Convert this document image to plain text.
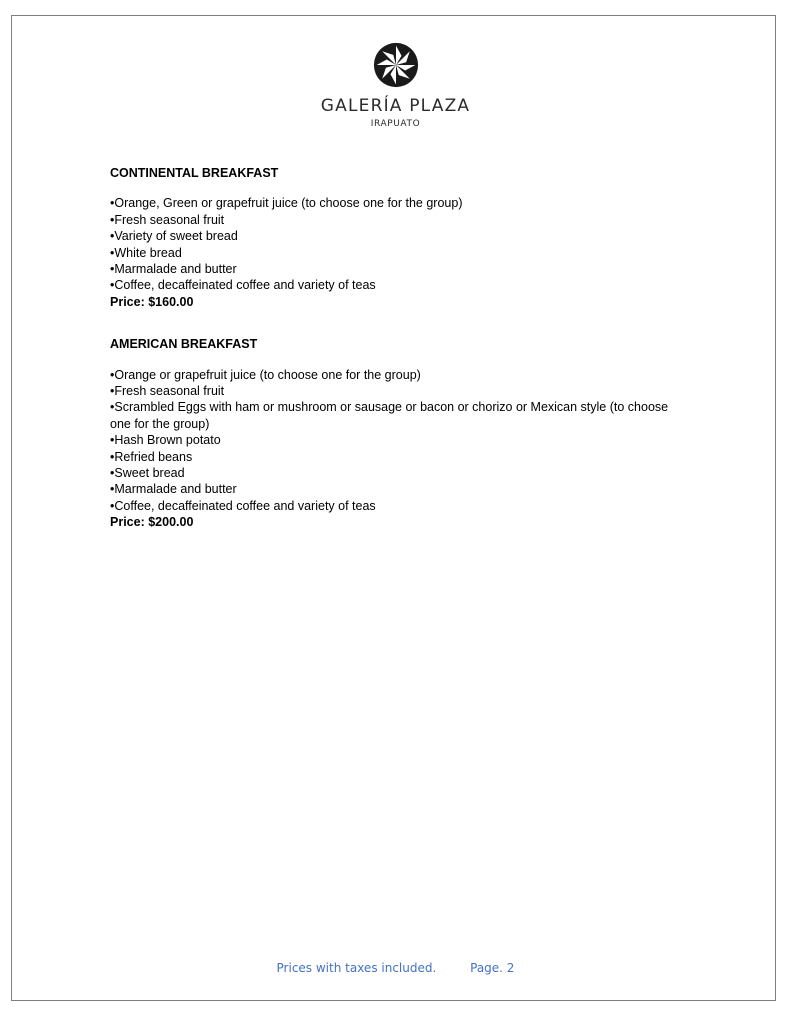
GALERÍA PLAZA
IRAPUATO
CONTINENTAL BREAKFAST
•Orange, Green or grapefruit juice (to choose one for the group)
•Fresh seasonal fruit
•Variety of sweet bread
•White bread
•Marmalade and butter
•Coffee, decaffeinated coffee and variety of teas
Price: $160.00
AMERICAN BREAKFAST
•Orange or grapefruit juice (to choose one for the group)
•Fresh seasonal fruit
•Scrambled Eggs with ham or mushroom or sausage or bacon or chorizo or Mexican style (to choose one for the group)
•Hash Brown potato
•Refried beans
•Sweet bread
•Marmalade and butter
•Coffee, decaffeinated coffee and variety of teas
Price: $200.00
Prices with taxes included.	Page. 2
